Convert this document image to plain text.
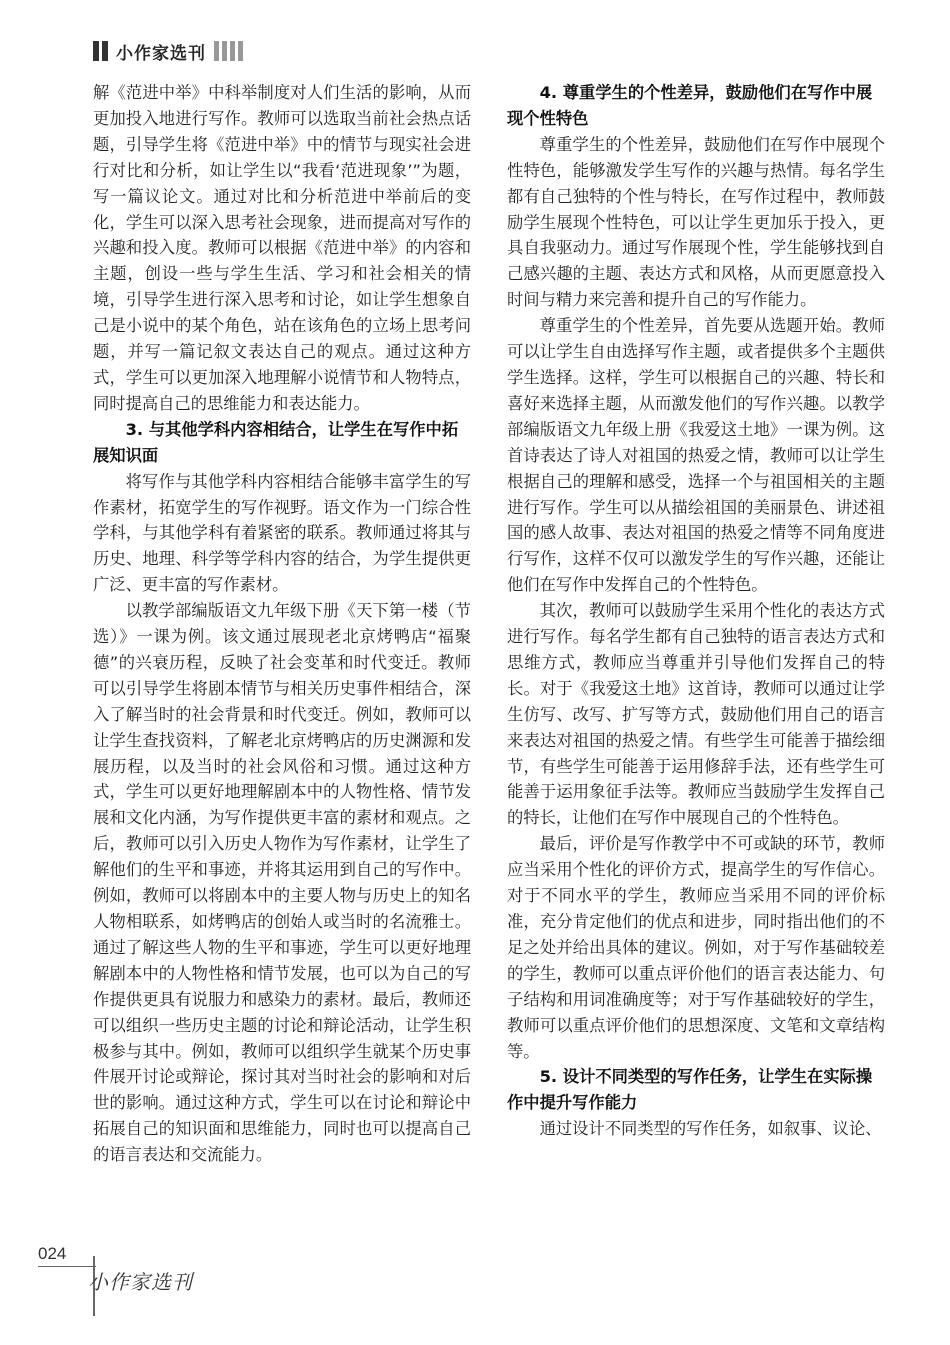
小作家选刊

解《范进中举》中科举制度对人们生活的影响，从而更加投入地进行写作。教师可以选取当前社会热点话题，引导学生将《范进中举》中的情节与现实社会进行对比和分析，如让学生以“我看‘范进现象’”为题，写一篇议论文。通过对比和分析范进中举前后的变化，学生可以深入思考社会现象，进而提高对写作的兴趣和投入度。教师可以根据《范进中举》的内容和主题，创设一些与学生生活、学习和社会相关的情境，引导学生进行深入思考和讨论，如让学生想象自己是小说中的某个角色，站在该角色的立场上思考问题，并写一篇记叙文表达自己的观点。通过这种方式，学生可以更加深入地理解小说情节和人物特点，同时提高自己的思维能力和表达能力。

3. 与其他学科内容相结合，让学生在写作中拓展知识面

将写作与其他学科内容相结合能够丰富学生的写作素材，拓宽学生的写作视野。语文作为一门综合性学科，与其他学科有着紧密的联系。教师通过将其与历史、地理、科学等学科内容的结合，为学生提供更广泛、更丰富的写作素材。

以教学部编版语文九年级下册《天下第一楼（节选）》一课为例。该文通过展现老北京烤鸭店“福聚德”的兴衰历程，反映了社会变革和时代变迁。教师可以引导学生将剧本情节与相关历史事件相结合，深入了解当时的社会背景和时代变迁。例如，教师可以让学生查找资料，了解老北京烤鸭店的历史渊源和发展历程，以及当时的社会风俗和习惯。通过这种方式，学生可以更好地理解剧本中的人物性格、情节发展和文化内涵，为写作提供更丰富的素材和观点。之后，教师可以引入历史人物作为写作素材，让学生了解他们的生平和事迹，并将其运用到自己的写作中。例如，教师可以将剧本中的主要人物与历史上的知名人物相联系，如烤鸭店的创始人或当时的名流雅士。通过了解这些人物的生平和事迹，学生可以更好地理解剧本中的人物性格和情节发展，也可以为自己的写作提供更具有说服力和感染力的素材。最后，教师还可以组织一些历史主题的讨论和辩论活动，让学生积极参与其中。例如，教师可以组织学生就某个历史事件展开讨论或辩论，探讨其对当时社会的影响和对后世的影响。通过这种方式，学生可以在讨论和辩论中拓展自己的知识面和思维能力，同时也可以提高自己的语言表达和交流能力。

4. 尊重学生的个性差异，鼓励他们在写作中展现个性特色

尊重学生的个性差异，鼓励他们在写作中展现个性特色，能够激发学生写作的兴趣与热情。每名学生都有自己独特的个性与特长，在写作过程中，教师鼓励学生展现个性特色，可以让学生更加乐于投入，更具自我驱动力。通过写作展现个性，学生能够找到自己感兴趣的主题、表达方式和风格，从而更愿意投入时间与精力来完善和提升自己的写作能力。

尊重学生的个性差异，首先要从选题开始。教师可以让学生自由选择写作主题，或者提供多个主题供学生选择。这样，学生可以根据自己的兴趣、特长和喜好来选择主题，从而激发他们的写作兴趣。以教学部编版语文九年级上册《我爱这土地》一课为例。这首诗表达了诗人对祖国的热爱之情，教师可以让学生根据自己的理解和感受，选择一个与祖国相关的主题进行写作。学生可以从描绘祖国的美丽景色、讲述祖国的感人故事、表达对祖国的热爱之情等不同角度进行写作，这样不仅可以激发学生的写作兴趣，还能让他们在写作中发挥自己的个性特色。

其次，教师可以鼓励学生采用个性化的表达方式进行写作。每名学生都有自己独特的语言表达方式和思维方式，教师应当尊重并引导他们发挥自己的特长。对于《我爱这土地》这首诗，教师可以通过让学生仿写、改写、扩写等方式，鼓励他们用自己的语言来表达对祖国的热爱之情。有些学生可能善于描绘细节，有些学生可能善于运用修辞手法，还有些学生可能善于运用象征手法等。教师应当鼓励学生发挥自己的特长，让他们在写作中展现自己的个性特色。

最后，评价是写作教学中不可或缺的环节，教师应当采用个性化的评价方式，提高学生的写作信心。对于不同水平的学生，教师应当采用不同的评价标准，充分肯定他们的优点和进步，同时指出他们的不足之处并给出具体的建议。例如，对于写作基础较差的学生，教师可以重点评价他们的语言表达能力、句子结构和用词准确度等；对于写作基础较好的学生，教师可以重点评价他们的思想深度、文笔和文章结构等。

5. 设计不同类型的写作任务，让学生在实际操作中提升写作能力

通过设计不同类型的写作任务，如叙事、议论、

024
小作家选刊
